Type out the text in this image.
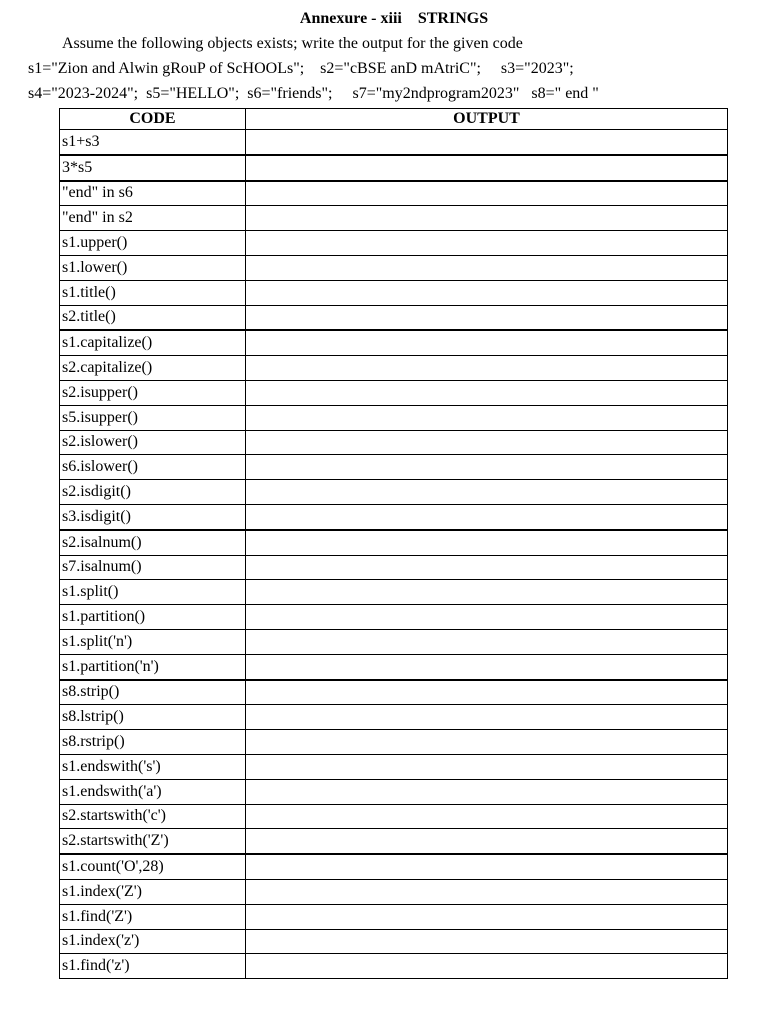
Annexure - xiii    STRINGS
Assume the following objects exists; write the output for the given code
s1="Zion and Alwin gRouP of ScHOOLs";    s2="cBSE anD mAtriC";     s3="2023";
s4="2023-2024";  s5="HELLO";  s6="friends";     s7="my2ndprogram2023"   s8=" end "
CODE	OUTPUT
s1+s3	
3*s5	
"end" in s6	
"end" in s2	
s1.upper()	
s1.lower()	
s1.title()	
s2.title()	
s1.capitalize()	
s2.capitalize()	
s2.isupper()	
s5.isupper()	
s2.islower()	
s6.islower()	
s2.isdigit()	
s3.isdigit()	
s2.isalnum()	
s7.isalnum()	
s1.split()	
s1.partition()	
s1.split('n')	
s1.partition('n')	
s8.strip()	
s8.lstrip()	
s8.rstrip()	
s1.endswith('s')	
s1.endswith('a')	
s2.startswith('c')	
s2.startswith('Z')	
s1.count('O',28)	
s1.index('Z')	
s1.find('Z')	
s1.index('z')	
s1.find('z')	
